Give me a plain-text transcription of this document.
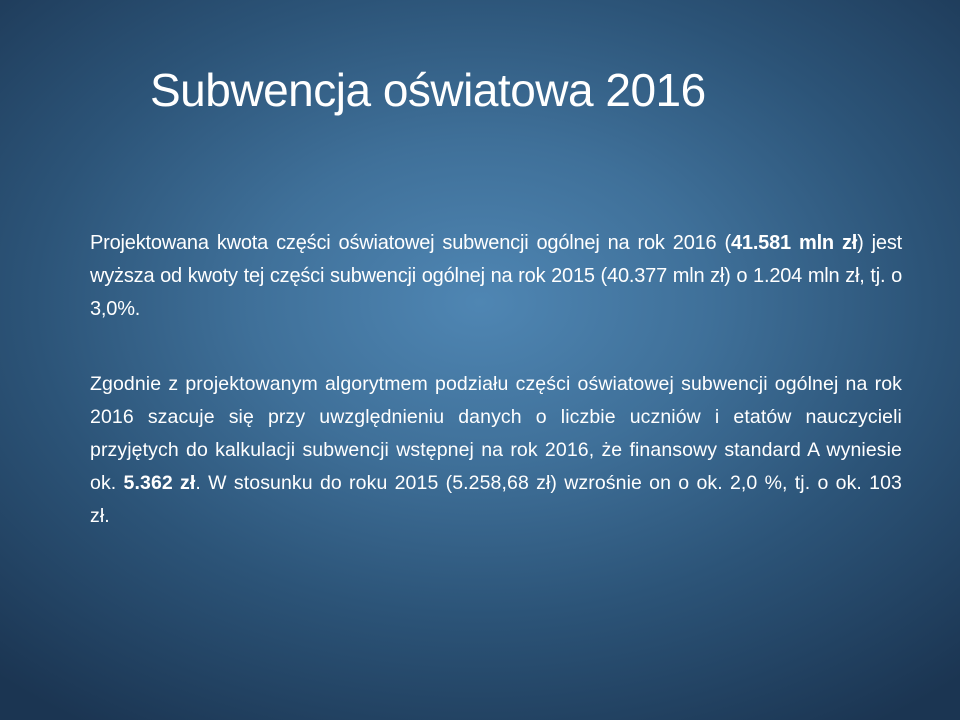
Subwencja oświatowa 2016

Projektowana kwota części oświatowej subwencji ogólnej na rok 2016 (41.581 mln zł) jest wyższa od kwoty tej części subwencji ogólnej na rok 2015 (40.377 mln zł) o 1.204 mln zł, tj. o 3,0%.

Zgodnie z projektowanym algorytmem podziału części oświatowej subwencji ogólnej na rok 2016 szacuje się przy uwzględnieniu danych o liczbie uczniów i etatów nauczycieli przyjętych do kalkulacji subwencji wstępnej na rok 2016, że finansowy standard A wyniesie ok. 5.362 zł. W stosunku do roku 2015 (5.258,68 zł) wzrośnie on o ok. 2,0 %, tj. o ok. 103 zł.
